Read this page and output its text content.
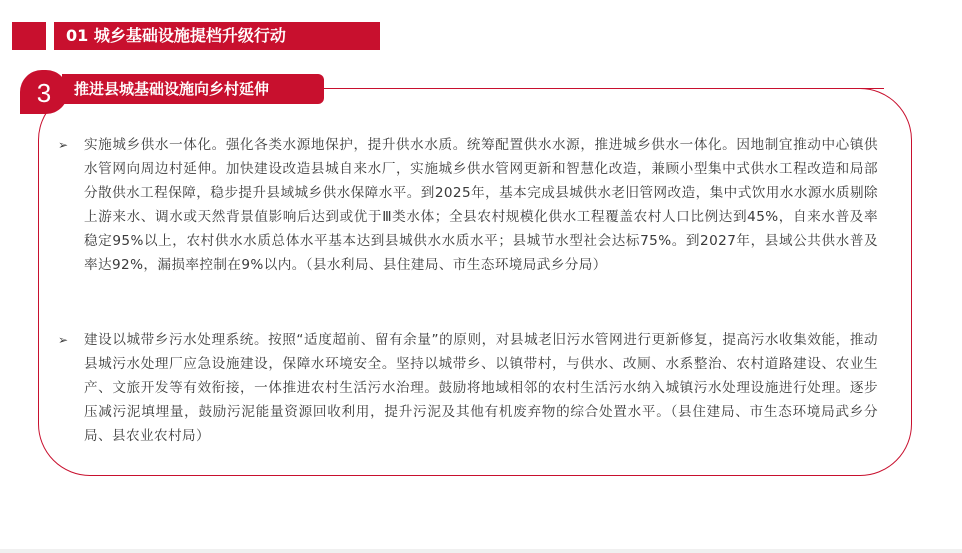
01 城乡基础设施提档升级行动
推进县城基础设施向乡村延伸
3
➢	实施城乡供水一体化。强化各类水源地保护，提升供水水质。统筹配置供水水源，推进城乡供水一体化。因地制宜推动中心镇供水管网向周边村延伸。加快建设改造县城自来水厂，实施城乡供水管网更新和智慧化改造，兼顾小型集中式供水工程改造和局部分散供水工程保障，稳步提升县域城乡供水保障水平。到2025年，基本完成县城供水老旧管网改造，集中式饮用水水源水质剔除上游来水、调水或天然背景值影响后达到或优于Ⅲ类水体；全县农村规模化供水工程覆盖农村人口比例达到45%，自来水普及率稳定95%以上，农村供水水质总体水平基本达到县城供水水质水平；县城节水型社会达标75%。到2027年，县域公共供水普及率达92%，漏损率控制在9%以内。（县水利局、县住建局、市生态环境局武乡分局）
➢	建设以城带乡污水处理系统。按照“适度超前、留有余量”的原则，对县城老旧污水管网进行更新修复，提高污水收集效能，推动县城污水处理厂应急设施建设，保障水环境安全。坚持以城带乡、以镇带村，与供水、改厕、水系整治、农村道路建设、农业生产、文旅开发等有效衔接，一体推进农村生活污水治理。鼓励将地域相邻的农村生活污水纳入城镇污水处理设施进行处理。逐步压减污泥填埋量，鼓励污泥能量资源回收利用，提升污泥及其他有机废弃物的综合处置水平。（县住建局、市生态环境局武乡分局、县农业农村局）
